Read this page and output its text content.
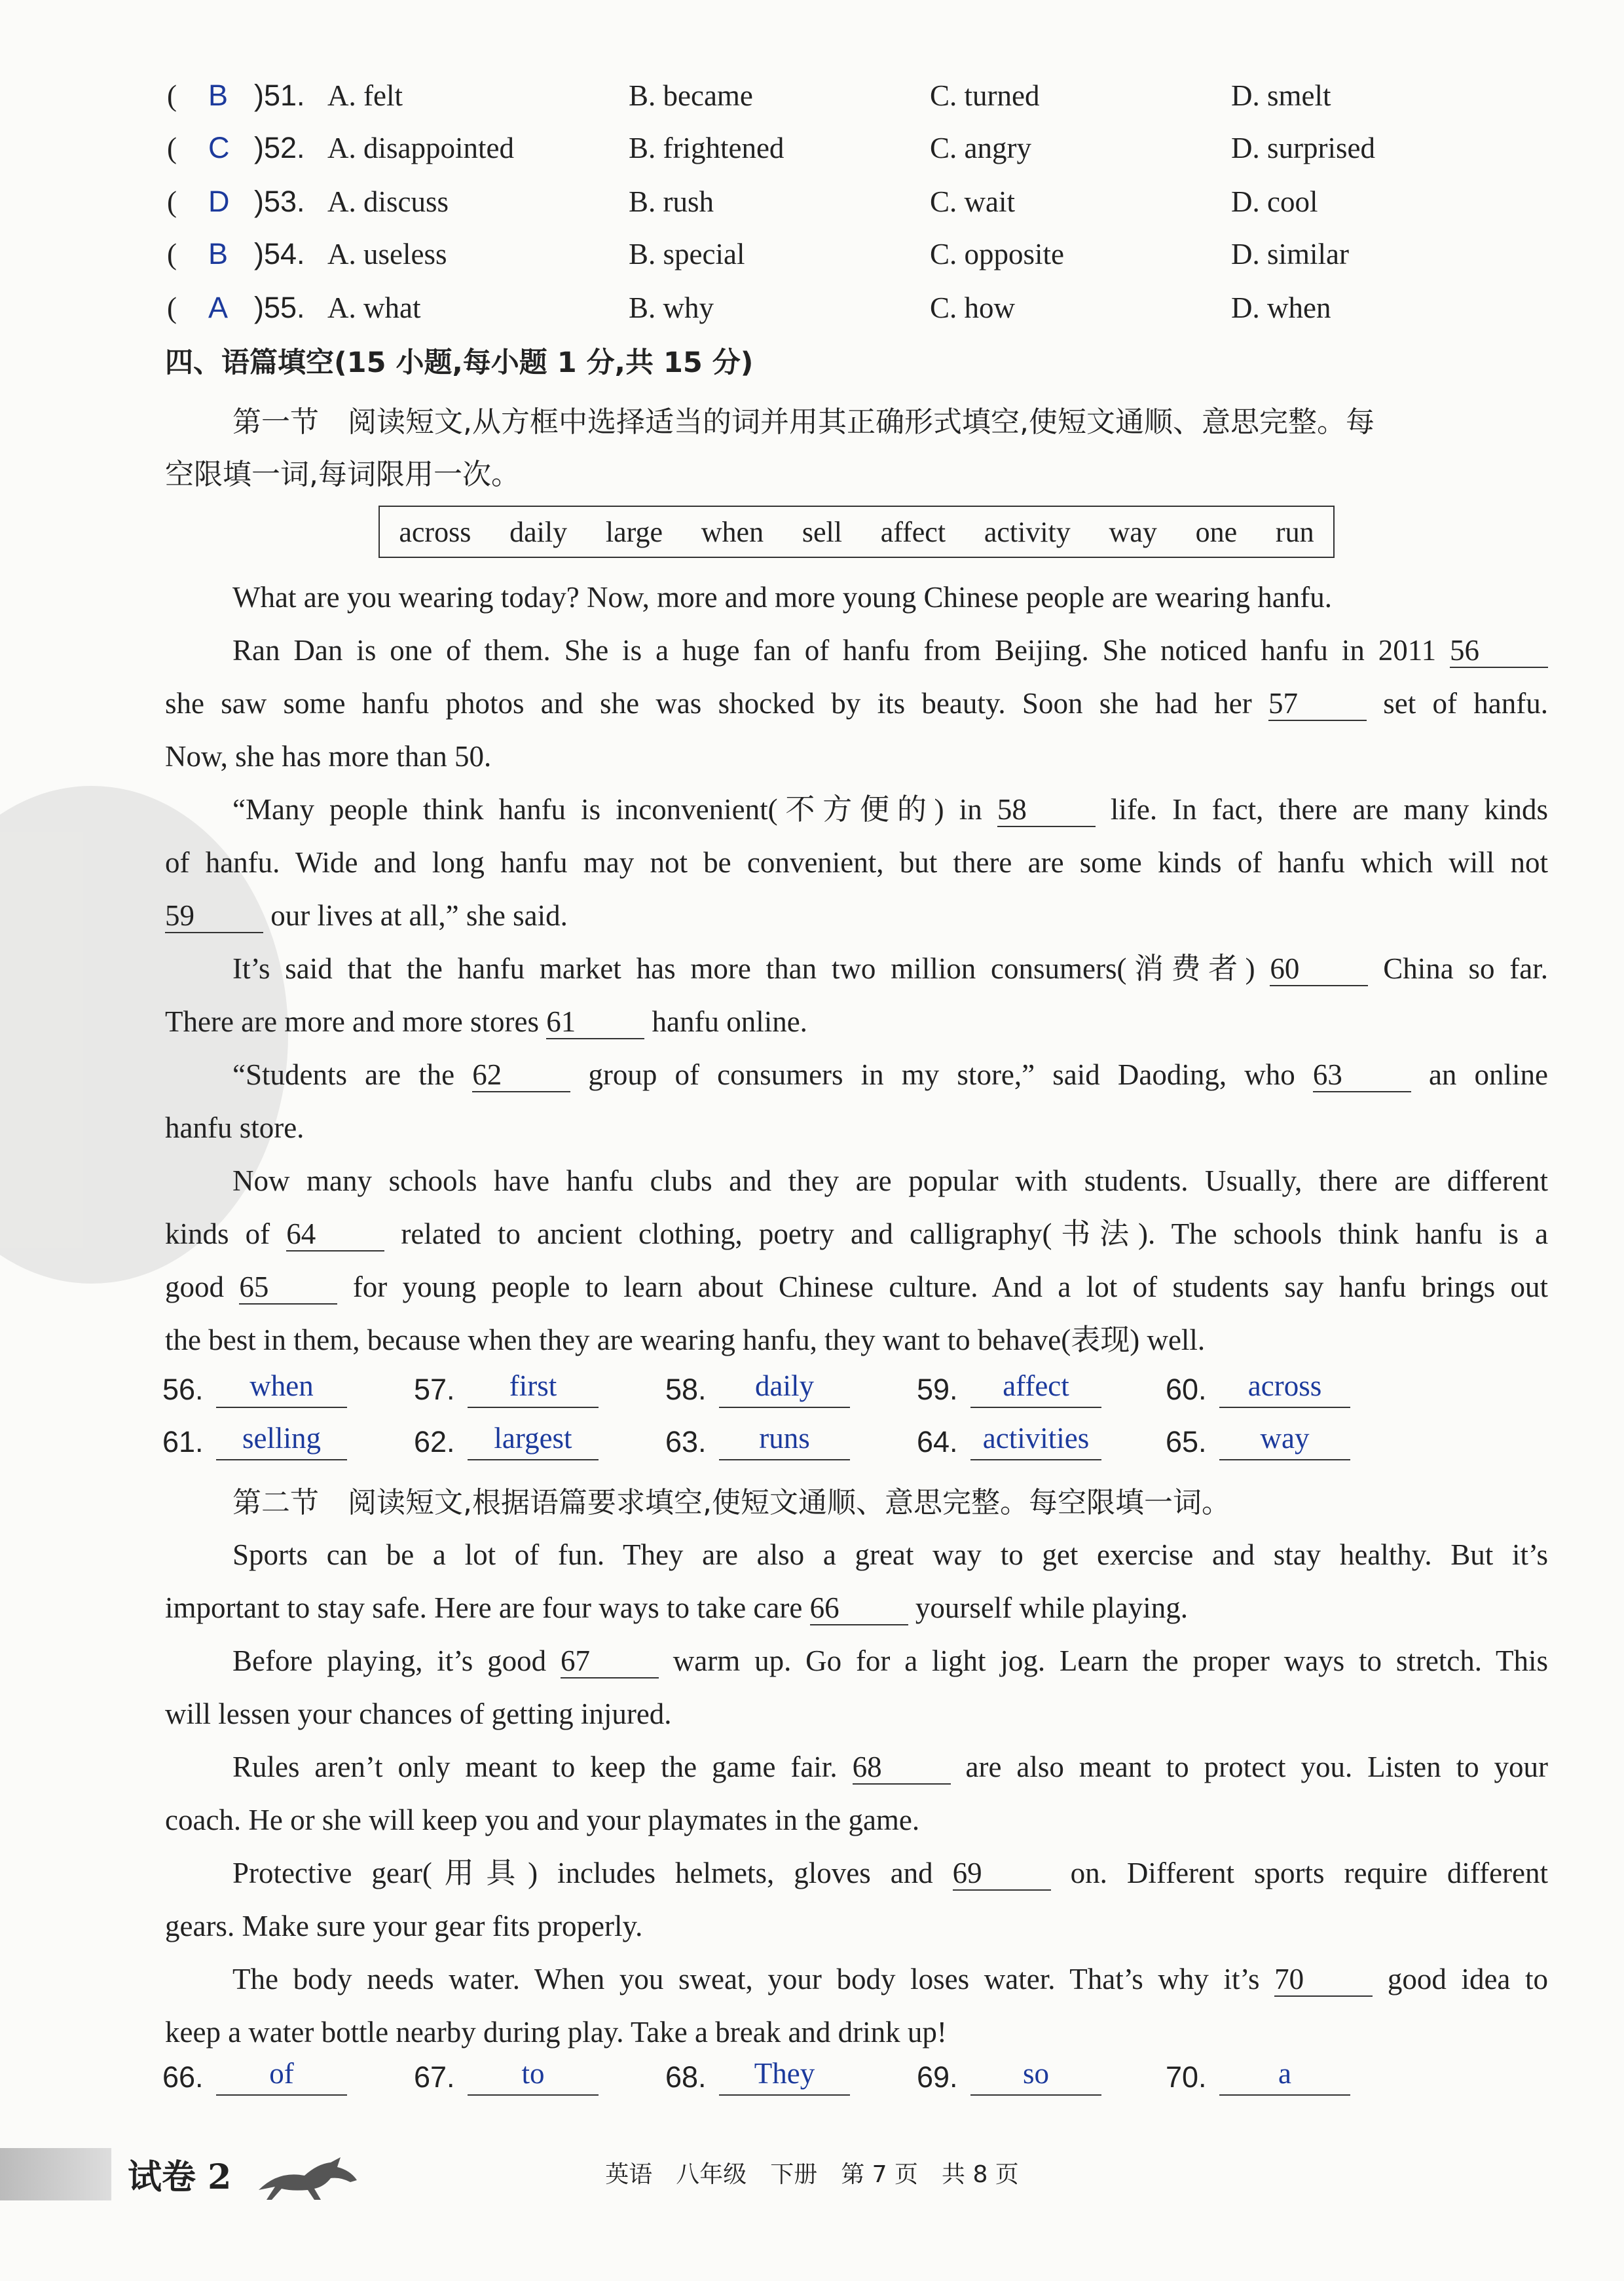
( B )51. A. felt	B. became	C. turned	D. smelt
( C )52. A. disappointed	B. frightened	C. angry	D. surprised
( D )53. A. discuss	B. rush	C. wait	D. cool
( B )54. A. useless	B. special	C. opposite	D. similar
( A )55. A. what	B. why	C. how	D. when
四、语篇填空(15 小题,每小题 1 分,共 15 分)
第一节　阅读短文,从方框中选择适当的词并用其正确形式填空,使短文通顺、意思完整。每
空限填一词,每词限用一次。
across daily large when sell affect activity way one run
What are you wearing today? Now, more and more young Chinese people are wearing hanfu.
Ran Dan is one of them. She is a huge fan of hanfu from Beijing. She noticed hanfu in 2011 56
she saw some hanfu photos and she was shocked by its beauty. Soon she had her 57	set of hanfu.
Now, she has more than 50.
“Many people think hanfu is inconvenient(不方便的) in 58	life. In fact, there are many kinds
of hanfu. Wide and long hanfu may not be convenient, but there are some kinds of hanfu which will not
59	our lives at all,” she said.
It’s said that the hanfu market has more than two million consumers(消费者) 60	China so far.
There are more and more stores 61	hanfu online.
“Students are the 62	group of consumers in my store,” said Daoding, who 63	an online
hanfu store.
Now many schools have hanfu clubs and they are popular with students. Usually, there are different
kinds of 64	related to ancient clothing, poetry and calligraphy(书法). The schools think hanfu is a
good 65	for young people to learn about Chinese culture. And a lot of students say hanfu brings out
the best in them, because when they are wearing hanfu, they want to behave(表现) well.
56.	when	57.	first	58.	daily	59.	affect	60.	across
61.	selling	62.	largest	63.	runs	64. activities	65.	way
第二节　阅读短文,根据语篇要求填空,使短文通顺、意思完整。每空限填一词。
Sports can be a lot of fun. They are also a great way to get exercise and stay healthy. But it’s
important to stay safe. Here are four ways to take care 66	yourself while playing.
Before playing, it’s good 67	warm up. Go for a light jog. Learn the proper ways to stretch. This
will lessen your chances of getting injured.
Rules aren’t only meant to keep the game fair. 68	are also meant to protect you. Listen to your
coach. He or she will keep you and your playmates in the game.
Protective gear(用具) includes helmets, gloves and 69	on. Different sports require different
gears. Make sure your gear fits properly.
The body needs water. When you sweat, your body loses water. That’s why it’s 70	good idea to
keep a water bottle nearby during play. Take a break and drink up!
66.	of	67.	to	68.	They	69.	so	70.	a
试卷 2	英语　八年级　下册　第 7 页　共 8 页
